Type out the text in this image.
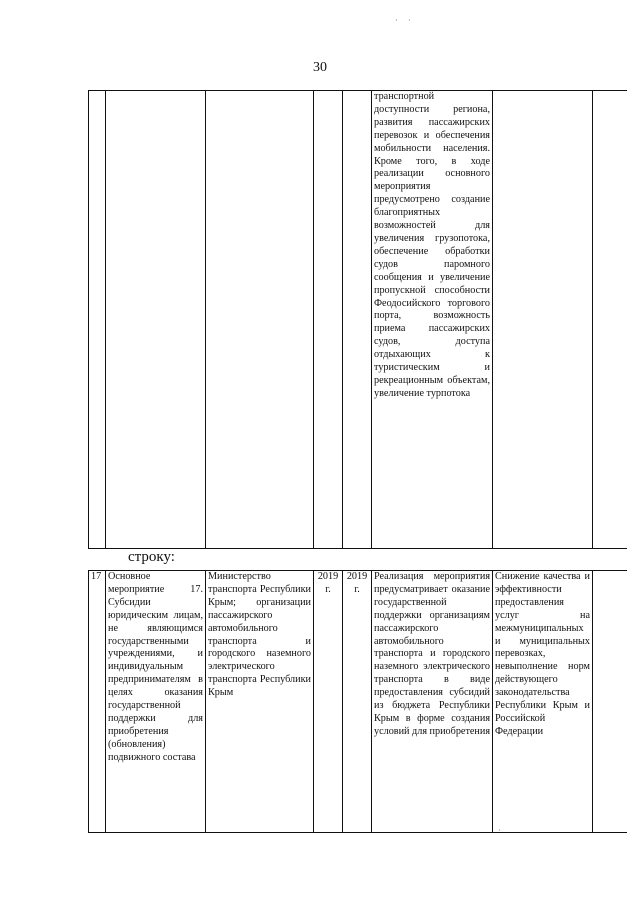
30
					транспортной доступности региона, развития пассажирских перевозок и обеспечения мобильности населения. Кроме того, в ходе реализации основного мероприятия предусмотрено создание благоприятных возможностей для увеличения грузопотока, обеспечение обработки судов паромного сообщения и увеличение пропускной способности Феодосийского торгового порта, возможность приема пассажирских судов, доступа отдыхающих к туристическим и рекреационным объектам, увеличение турпотока		
строку:
17	Основное мероприятие 17. Субсидии юридическим лицам, не являющимся государственными учреждениями, и индивидуальным предпринимателям в целях оказания государственной поддержки для приобретения (обновления) подвижного состава	Министерство транспорта Республики Крым; организации пассажирского автомобильного транспорта и городского наземного электрического транспорта Республики Крым	2019 г.	2019 г.	Реализация мероприятия предусматривает оказание государственной поддержки организациям пассажирского автомобильного транспорта и городского наземного электрического транспорта в виде предоставления субсидий из бюджета Республики Крым в форме создания условий для приобретения	Снижение качества и эффективности предоставления услуг на межмуниципальных и муниципальных перевозках, невыполнение норм действующего законодательства Республики Крым и Российской Федерации	
· ·
·
